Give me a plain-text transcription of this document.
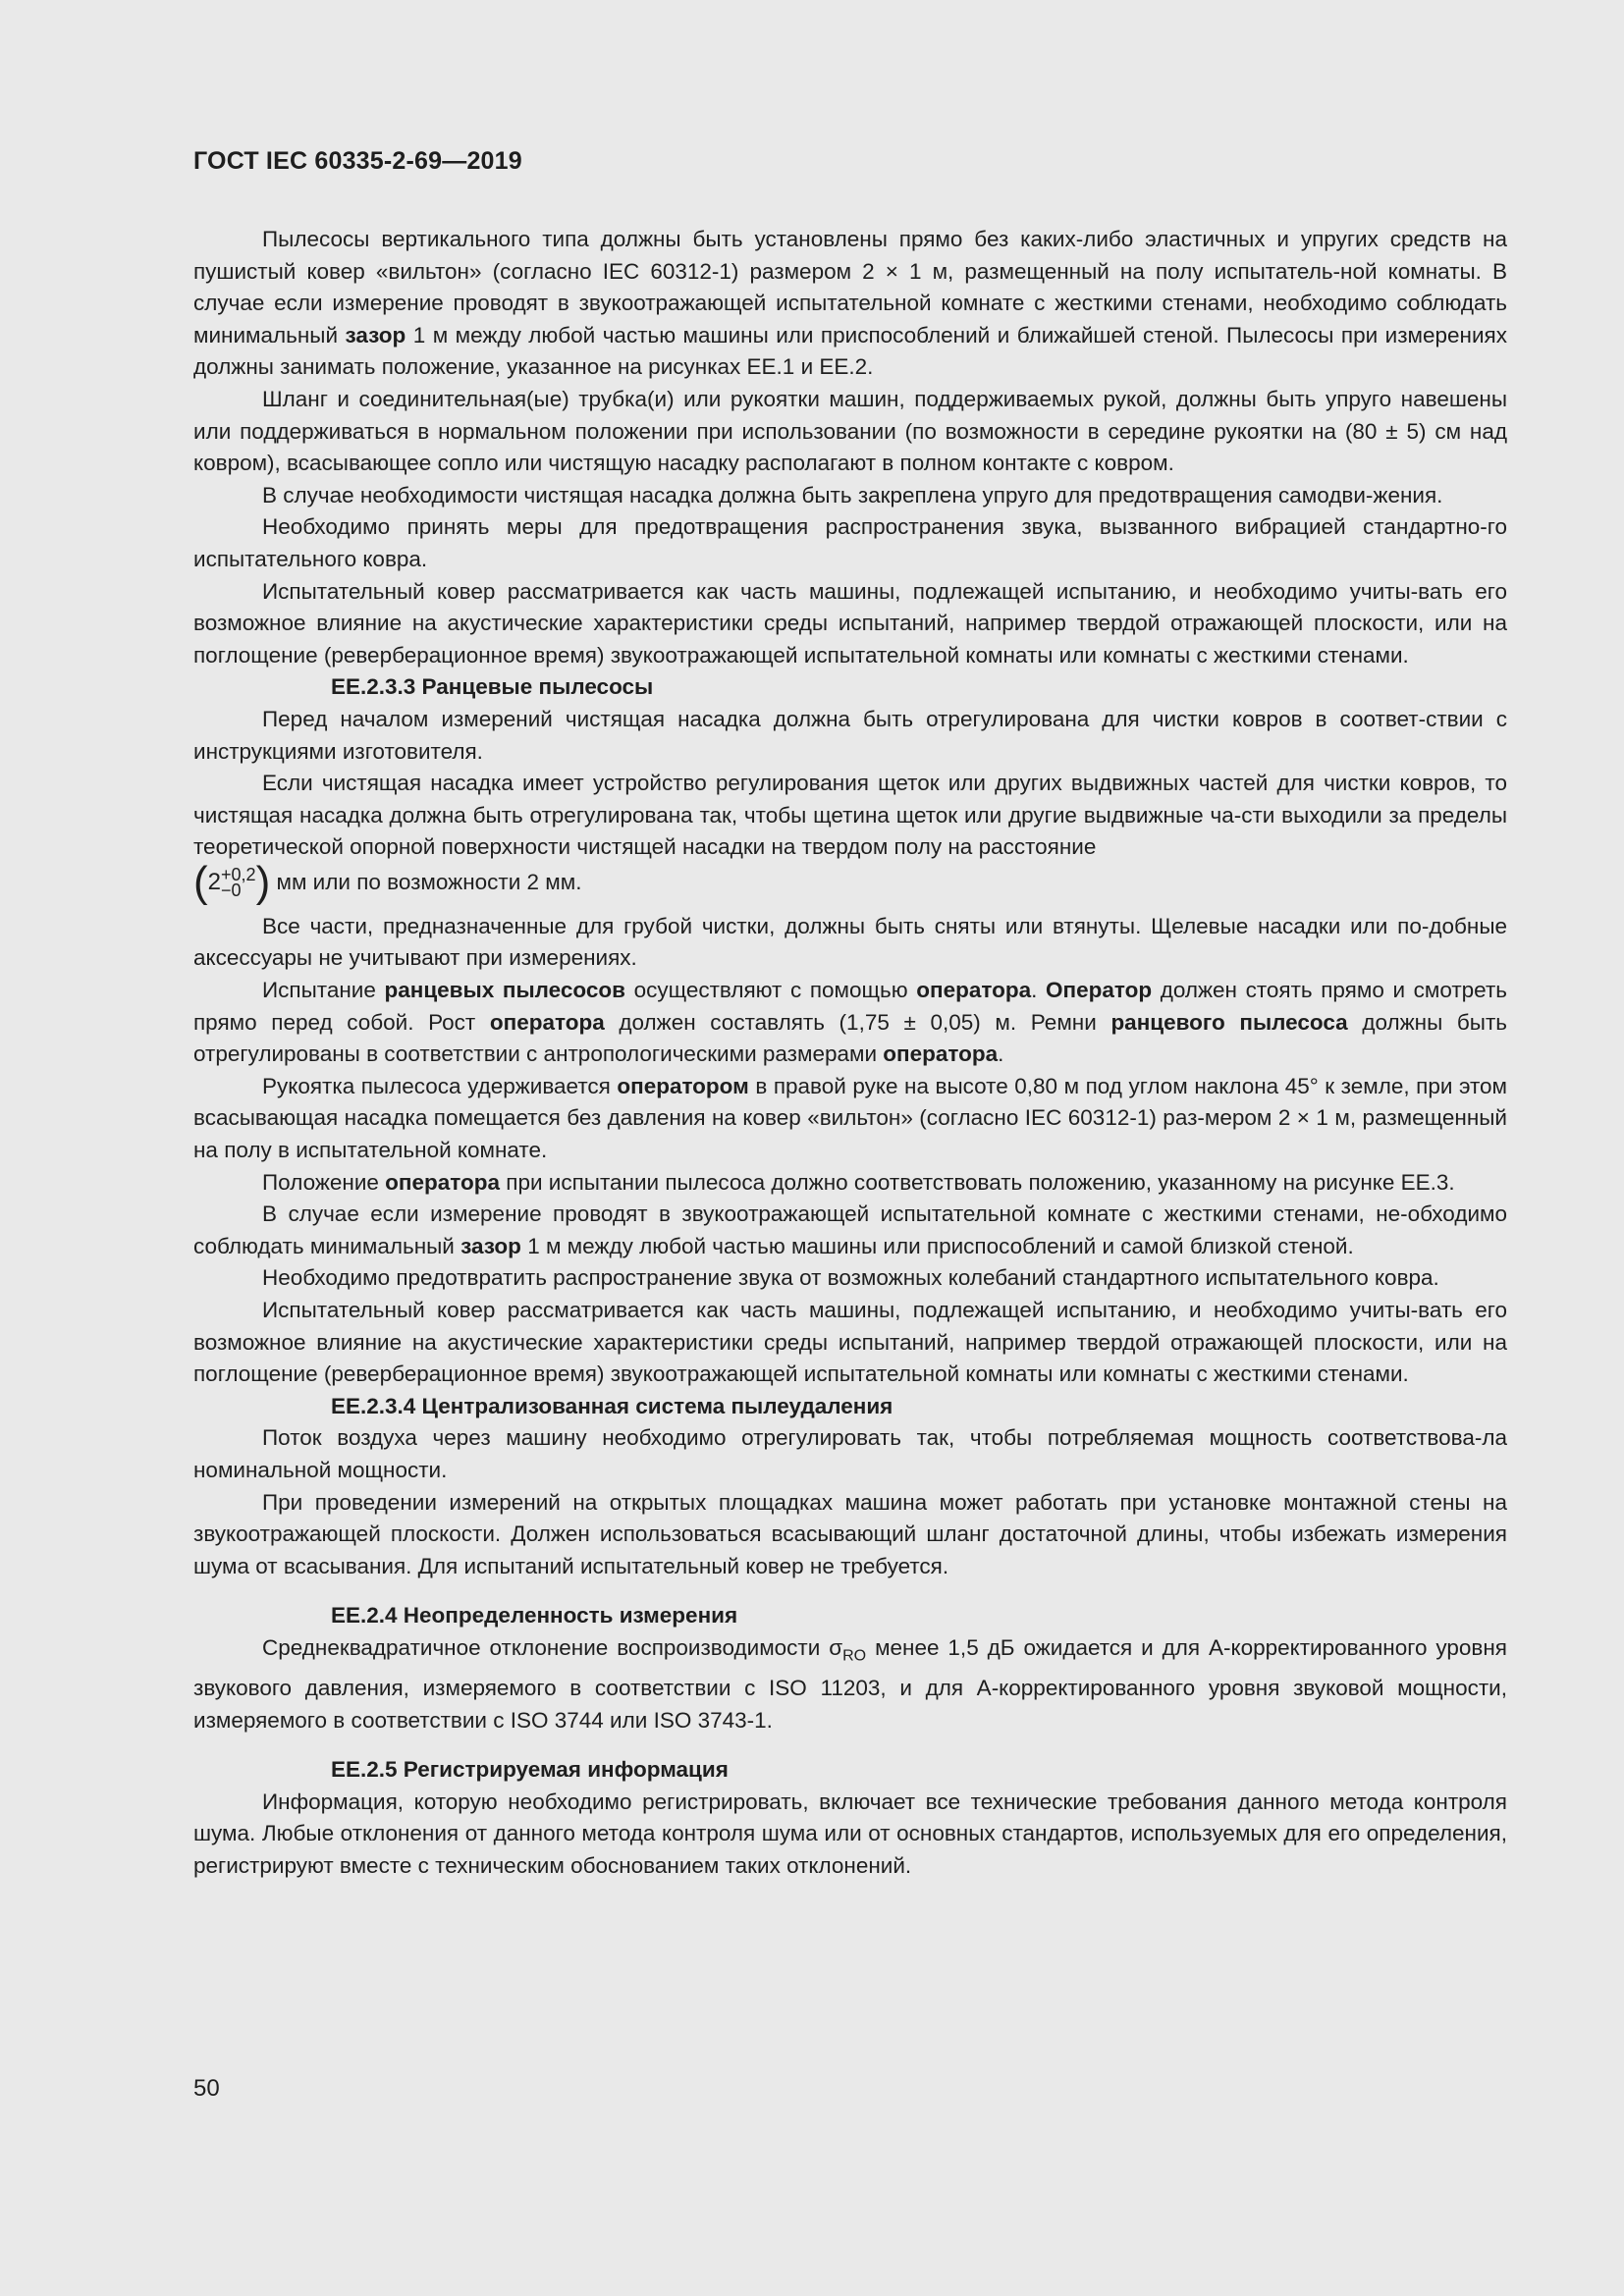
ГОСТ IEC 60335-2-69—2019

Пылесосы вертикального типа должны быть установлены прямо без каких-либо эластичных и упругих средств на пушистый ковер «вильтон» (согласно IEC 60312-1) размером 2 × 1 м, размещенный на полу испытатель-ной комнаты. В случае если измерение проводят в звукоотражающей испытательной комнате с жесткими стенами, необходимо соблюдать минимальный зазор 1 м между любой частью машины или приспособлений и ближайшей стеной. Пылесосы при измерениях должны занимать положение, указанное на рисунках ЕЕ.1 и ЕЕ.2.

Шланг и соединительная(ые) трубка(и) или рукоятки машин, поддерживаемых рукой, должны быть упруго навешены или поддерживаться в нормальном положении при использовании (по возможности в середине рукоятки на (80 ± 5) см над ковром), всасывающее сопло или чистящую насадку располагают в полном контакте с ковром.

В случае необходимости чистящая насадка должна быть закреплена упруго для предотвращения самодви-жения.

Необходимо принять меры для предотвращения распространения звука, вызванного вибрацией стандартно-го испытательного ковра.

Испытательный ковер рассматривается как часть машины, подлежащей испытанию, и необходимо учиты-вать его возможное влияние на акустические характеристики среды испытаний, например твердой отражающей плоскости, или на поглощение (реверберационное время) звукоотражающей испытательной комнаты или комнаты с жесткими стенами.

ЕЕ.2.3.3 Ранцевые пылесосы

Перед началом измерений чистящая насадка должна быть отрегулирована для чистки ковров в соответ-ствии с инструкциями изготовителя.

Если чистящая насадка имеет устройство регулирования щеток или других выдвижных частей для чистки ковров, то чистящая насадка должна быть отрегулирована так, чтобы щетина щеток или другие выдвижные ча-сти выходили за пределы теоретической опорной поверхности чистящей насадки на твердом полу на расстояние

(2 +0,2
−0 ) мм или по возможности 2 мм.

Все части, предназначенные для грубой чистки, должны быть сняты или втянуты. Щелевые насадки или по-добные аксессуары не учитывают при измерениях.

Испытание ранцевых пылесосов осуществляют с помощью оператора. Оператор должен стоять прямо и смотреть прямо перед собой. Рост оператора должен составлять (1,75 ± 0,05) м. Ремни ранцевого пылесоса должны быть отрегулированы в соответствии с антропологическими размерами оператора.

Рукоятка пылесоса удерживается оператором в правой руке на высоте 0,80 м под углом наклона 45° к земле, при этом всасывающая насадка помещается без давления на ковер «вильтон» (согласно IEC 60312-1) раз-мером 2 × 1 м, размещенный на полу в испытательной комнате.

Положение оператора при испытании пылесоса должно соответствовать положению, указанному на рисунке ЕЕ.3.

В случае если измерение проводят в звукоотражающей испытательной комнате с жесткими стенами, не-обходимо соблюдать минимальный зазор 1 м между любой частью машины или приспособлений и самой близкой стеной.

Необходимо предотвратить распространение звука от возможных колебаний стандартного испытательного ковра.

Испытательный ковер рассматривается как часть машины, подлежащей испытанию, и необходимо учиты-вать его возможное влияние на акустические характеристики среды испытаний, например твердой отражающей плоскости, или на поглощение (реверберационное время) звукоотражающей испытательной комнаты или комнаты с жесткими стенами.

ЕЕ.2.3.4 Централизованная система пылеудаления

Поток воздуха через машину необходимо отрегулировать так, чтобы потребляемая мощность соответствова-ла номинальной мощности.

При проведении измерений на открытых площадках машина может работать при установке монтажной стены на звукоотражающей плоскости. Должен использоваться всасывающий шланг достаточной длины, чтобы избежать измерения шума от всасывания. Для испытаний испытательный ковер не требуется.

ЕЕ.2.4 Неопределенность измерения

Среднеквадратичное отклонение воспроизводимости $\sigma_{RO}$ менее 1,5 дБ ожидается и для А-корректированного уровня звукового давления, измеряемого в соответствии с ISO 11203, и для А-корректированного уровня звуковой мощности, измеряемого в соответствии с ISO 3744 или ISO 3743-1.

ЕЕ.2.5 Регистрируемая информация

Информация, которую необходимо регистрировать, включает все технические требования данного метода контроля шума. Любые отклонения от данного метода контроля шума или от основных стандартов, используемых для его определения, регистрируют вместе с техническим обоснованием таких отклонений.

50
